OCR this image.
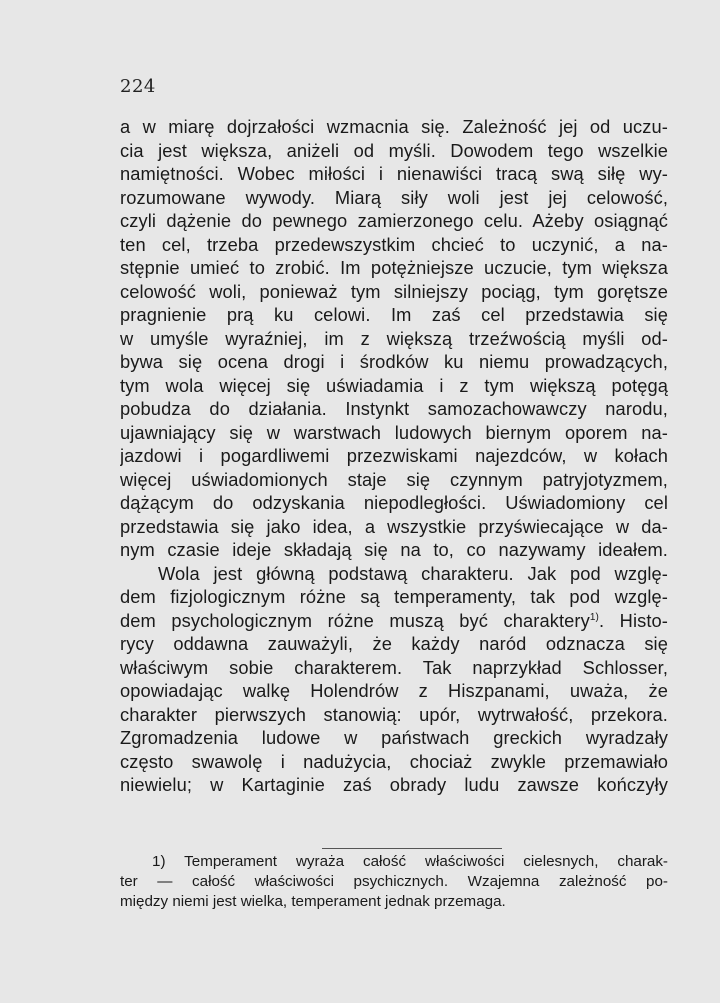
224
a w miarę dojrzałości wzmacnia się. Zależność jej od uczu-
cia jest większa, aniżeli od myśli. Dowodem tego wszelkie
namiętności. Wobec miłości i nienawiści tracą swą siłę wy-
rozumowane wywody. Miarą siły woli jest jej celowość,
czyli dążenie do pewnego zamierzonego celu. Ażeby osiągnąć
ten cel, trzeba przedewszystkim chcieć to uczynić, a na-
stępnie umieć to zrobić. Im potężniejsze uczucie, tym większa
celowość woli, ponieważ tym silniejszy pociąg, tym gorętsze
pragnienie prą ku celowi. Im zaś cel przedstawia się
w umyśle wyraźniej, im z większą trzeźwością myśli od-
bywa się ocena drogi i środków ku niemu prowadzących,
tym wola więcej się uświadamia i z tym większą potęgą
pobudza do działania. Instynkt samozachowawczy narodu,
ujawniający się w warstwach ludowych biernym oporem na-
jazdowi i pogardliwemi przezwiskami najezdców, w kołach
więcej uświadomionych staje się czynnym patryjotyzmem,
dążącym do odzyskania niepodległości. Uświadomiony cel
przedstawia się jako idea, a wszystkie przyświecające w da-
nym czasie ideje składają się na to, co nazywamy ideałem.
Wola jest główną podstawą charakteru. Jak pod wzglę-
dem fizjologicznym różne są temperamenty, tak pod wzglę-
dem psychologicznym różne muszą być charaktery$^{1)}$. Histo-
rycy oddawna zauważyli, że każdy naród odznacza się
właściwym sobie charakterem. Tak naprzykład Schlosser,
opowiadając walkę Holendrów z Hiszpanami, uważa, że
charakter pierwszych stanowią: upór, wytrwałość, przekora.
Zgromadzenia ludowe w państwach greckich wyradzały
często swawolę i nadużycia, chociaż zwykle przemawiało
niewielu; w Kartaginie zaś obrady ludu zawsze kończyły
1) Temperament wyraża całość właściwości cielesnych, charak-
ter — całość właściwości psychicznych. Wzajemna zależność po-
między niemi jest wielka, temperament jednak przemaga.
